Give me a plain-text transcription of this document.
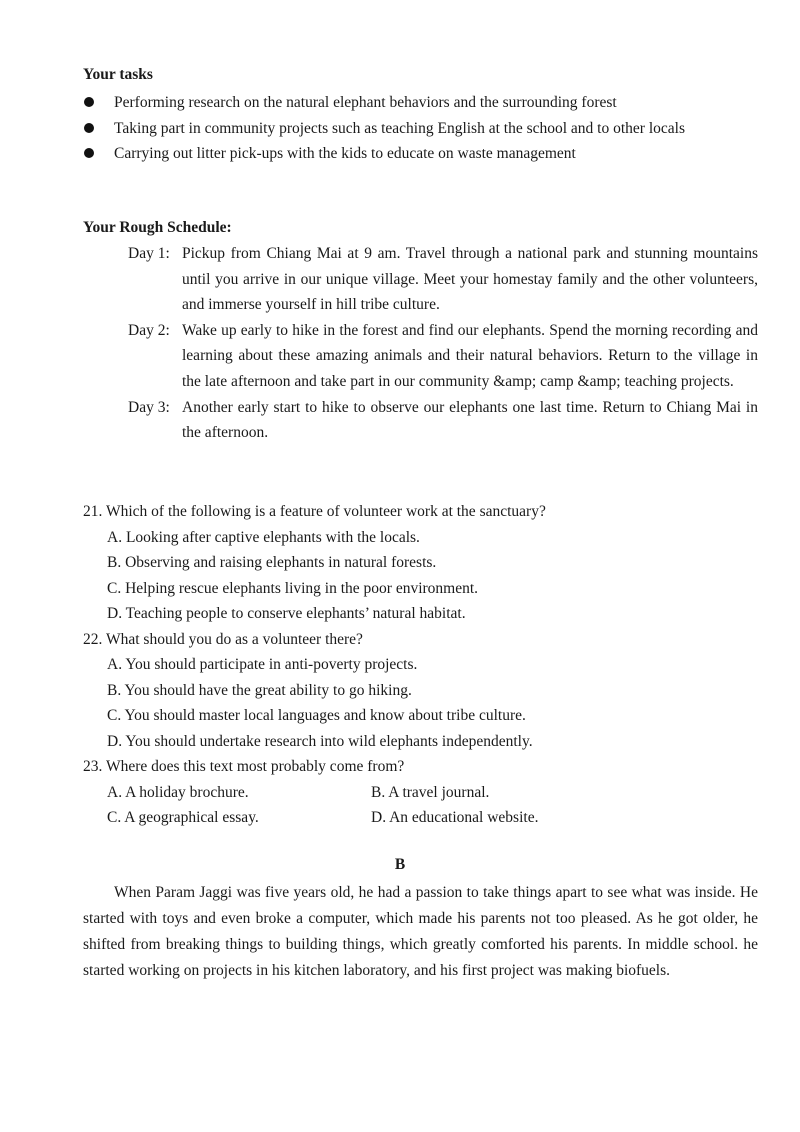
Your tasks
Performing research on the natural elephant behaviors and the surrounding forest
Taking part in community projects such as teaching English at the school and to other locals
Carrying out litter pick-ups with the kids to educate on waste management
Your Rough Schedule:
Day 1: Pickup from Chiang Mai at 9 am. Travel through a national park and stunning mountains until you arrive in our unique village. Meet your homestay family and the other volunteers, and immerse yourself in hill tribe culture.
Day 2: Wake up early to hike in the forest and find our elephants. Spend the morning recording and learning about these amazing animals and their natural behaviors. Return to the village in the late afternoon and take part in our community &amp; camp &amp; teaching projects.
Day 3: Another early start to hike to observe our elephants one last time. Return to Chiang Mai in the afternoon.
21. Which of the following is a feature of volunteer work at the sanctuary?
A. Looking after captive elephants with the locals.
B. Observing and raising elephants in natural forests.
C. Helping rescue elephants living in the poor environment.
D. Teaching people to conserve elephants’ natural habitat.
22. What should you do as a volunteer there?
A. You should participate in anti-poverty projects.
B. You should have the great ability to go hiking.
C. You should master local languages and know about tribe culture.
D. You should undertake research into wild elephants independently.
23. Where does this text most probably come from?
A. A holiday brochure.	B. A travel journal.
C. A geographical essay.	D. An educational website.
B

When Param Jaggi was five years old, he had a passion to take things apart to see what was inside. He started with toys and even broke a computer, which made his parents not too pleased. As he got older, he shifted from breaking things to building things, which greatly comforted his parents. In middle school. he started working on projects in his kitchen laboratory, and his first project was making biofuels.
